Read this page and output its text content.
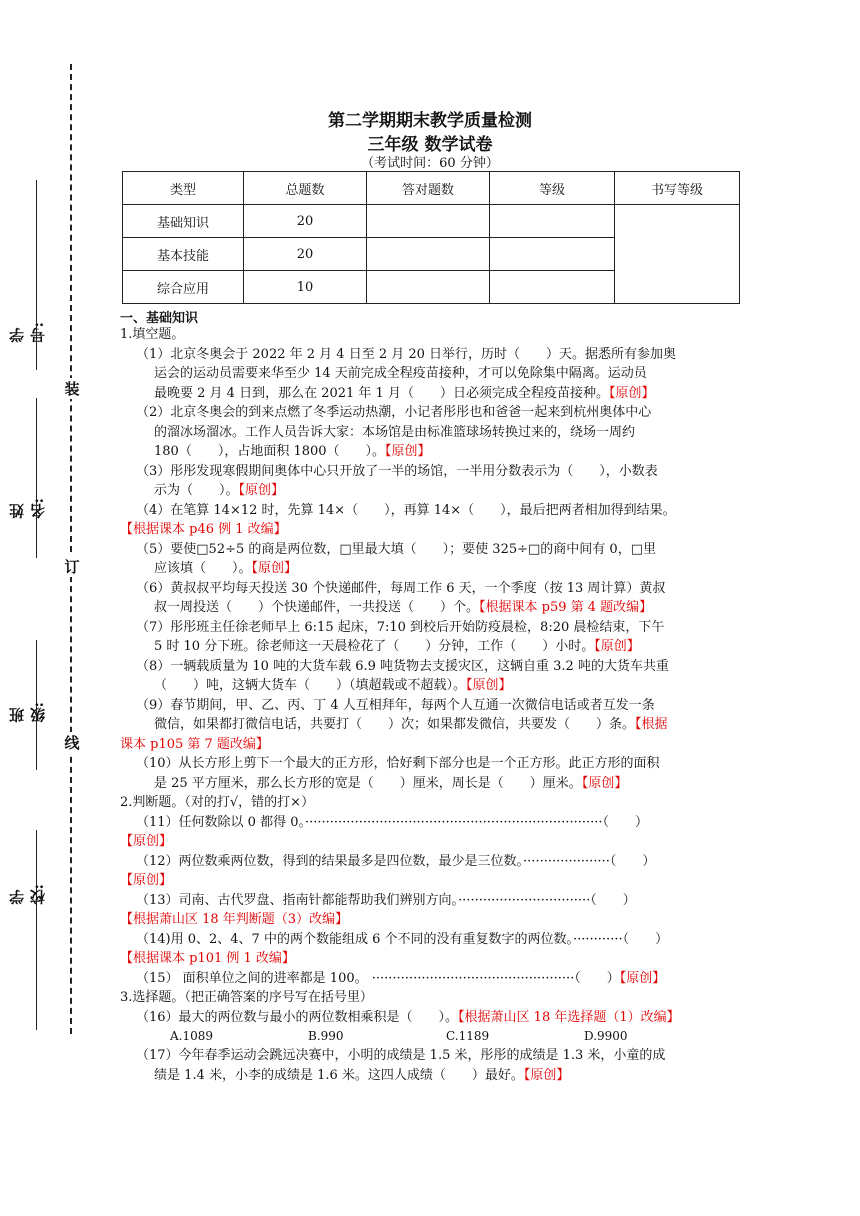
装
订
线
学号:
姓名:
班级:
学校:
第二学期期末教学质量检测
三年级 数学试卷
（考试时间：60 分钟）
类型	总题数	答对题数	等级	书写等级
基础知识	20			
基本技能	20			
综合应用	10			
一、基础知识
1.填空题。
（1）北京冬奥会于 2022 年 2 月 4 日至 2 月 20 日举行，历时（　　）天。据悉所有参加奥
运会的运动员需要来华至少 14 天前完成全程疫苗接种，才可以免除集中隔离。运动员
最晚要 2 月 4 日到，那么在 2021 年 1 月（　　）日必须完成全程疫苗接种。【原创】
（2）北京冬奥会的到来点燃了冬季运动热潮，小记者彤彤也和爸爸一起来到杭州奥体中心
的溜冰场溜冰。工作人员告诉大家：本场馆是由标准篮球场转换过来的，绕场一周约
180（　　），占地面积 1800（　　）。【原创】
（3）彤彤发现寒假期间奥体中心只开放了一半的场馆，一半用分数表示为（　　），小数表
示为（　　）。【原创】
（4）在笔算 14×12 时，先算 14×（　　），再算 14×（　　），最后把两者相加得到结果。
【根据课本 p46 例 1 改编】
（5）要使□52÷5 的商是两位数，□里最大填（　　）；要使 325÷□的商中间有 0，□里
应该填（　　）。【原创】
（6）黄叔叔平均每天投送 30 个快递邮件，每周工作 6 天，一个季度（按 13 周计算）黄叔
叔一周投送（　　）个快递邮件，一共投送（　　）个。【根据课本 p59 第 4 题改编】
（7）彤彤班主任徐老师早上 6:15 起床，7:10 到校后开始防疫晨检，8:20 晨检结束，下午
5 时 10 分下班。徐老师这一天晨检花了（　　）分钟，工作（　　）小时。【原创】
（8）一辆载质量为 10 吨的大货车载 6.9 吨货物去支援灾区，这辆自重 3.2 吨的大货车共重
（　　）吨，这辆大货车（　　）（填超载或不超载）。【原创】
（9）春节期间，甲、乙、丙、丁 4 人互相拜年，每两个人互通一次微信电话或者互发一条
微信，如果都打微信电话，共要打（　　）次；如果都发微信，共要发（　　）条。【根据
课本 p105 第 7 题改编】
（10）从长方形上剪下一个最大的正方形，恰好剩下部分也是一个正方形。此正方形的面积
是 25 平方厘米，那么长方形的宽是（　　）厘米，周长是（　　）厘米。【原创】
2.判断题。（对的打√，错的打×）
（11）任何数除以 0 都得 0。········································································（　　）
【原创】
（12）两位数乘两位数，得到的结果最多是四位数，最少是三位数。·····················（　　）
【原创】
（13）司南、古代罗盘、指南针都能帮助我们辨别方向。································（　　）
【根据萧山区 18 年判断题（3）改编】
（14)用 0、2、4、7 中的两个数能组成 6 个不同的没有重复数字的两位数。············（　　）
【根据课本 p101 例 1 改编】
（15） 面积单位之间的进率都是 100。 ·················································（　　）【原创】
3.选择题。（把正确答案的序号写在括号里）
（16）最大的两位数与最小的两位数相乘积是（　　）。【根据萧山区 18 年选择题（1）改编】
A.1089	B.990	C.1189	D.9900
（17）今年春季运动会跳远决赛中，小明的成绩是 1.5 米，彤彤的成绩是 1.3 米，小童的成
绩是 1.4 米，小李的成绩是 1.6 米。这四人成绩（　　）最好。【原创】
